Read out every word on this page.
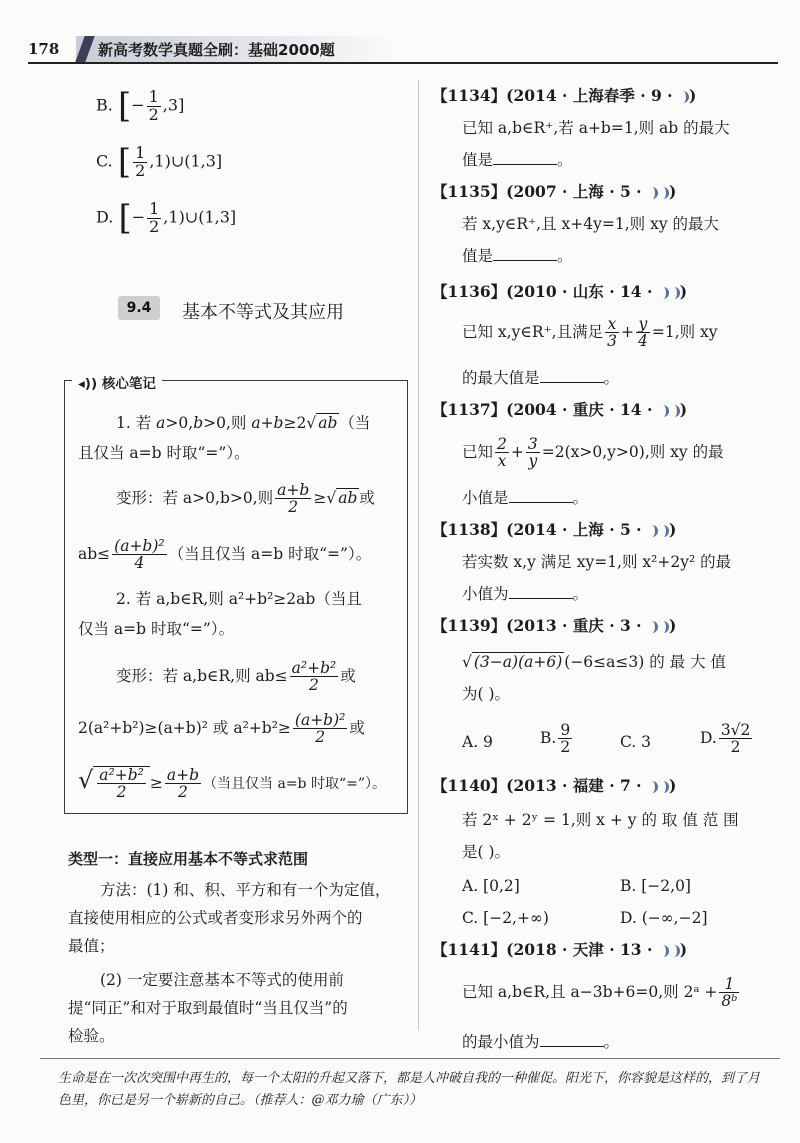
178	新高考数学真题全刷：基础2000题
B. [− $\frac{1}{2} ,3$]
C. [ $\frac{1}{2}$ ,1)∪(1,3]
D. [− $\frac{1}{2}$ ,1)∪(1,3]
9.4	基本不等式及其应用
◂)) 核心笔记
1. 若 a>0,b>0,则 a+b≥2√ ab （当
且仅当 a=b 时取“=”）。
变形：若 a>0,b>0,则 $\frac{a+b}{2}$ ≥√ ab 或
$ab\le \frac{\text{(a+b)²}}{4}$ （当且仅当 a=b 时取“=”）。
2. 若 a,b∈R,则 a²+b²≥2ab（当且
仅当 a=b 时取“=”）。
变形：若 a,b∈R,则 $ab\le \frac{\text{a²+b²}}{2}$ 或
2(a²+b²)≥(a+b)² 或 $a^2+b^2\ge \frac{\text{(a+b)²}}{2}$ 或
√ $\frac{\text{a²+b²}}{2} \ge \frac{a+b}{2}$ （当且仅当 a=b 时取“=”）。
类型一：直接应用基本不等式求范围
方法：(1) 和、积、平方和有一个为定值，
直接使用相应的公式或者变形求另外两个的
最值；
(2) 一定要注意基本不等式的使用前
提“同正”和对于取到最值时“当且仅当”的
检验。
【1134】(2014 · 上海春季 · 9 · )
已知 a,b∈R⁺,若 a+b=1,则 ab 的最大
值是	。
【1135】(2007 · 上海 · 5 · )
若 x,y∈R⁺,且 x+4y=1,则 xy 的最大
值是	。
【1136】(2010 · 山东 · 14 · )
已知 x,y∈R⁺,且满足 $\frac{x}{3} + \frac{y}{4} =1$,则 xy
的最大值是	。
【1137】(2004 · 重庆 · 14 · )
已知 $\frac{2}{x} + \frac{3}{y} =2(x>0,y>0)$,则 xy 的最
小值是	。
【1138】(2014 · 上海 · 5 · )
若实数 x,y 满足 xy=1,则 x²+2y² 的最
小值为	。
【1139】(2013 · 重庆 · 3 · )
√ (3−a)(a+6) (−6≤a≤3) 的 最 大 值
为( )。
A. 9	B. $\frac{9}{2}$	C. 3	D. $\frac{3√2}{2}$
【1140】(2013 · 福建 · 7 · )
若 2ˣ + 2ʸ = 1,则 x + y 的 取 值 范 围
是( )。
A. [0,2]	B. [−2,0]
C. [−2,+∞)	D. (−∞,−2]
【1141】(2018 · 天津 · 13 · )
已知 a,b∈R,且 a−3b+6=0,则 2ᵃ + $\frac{1}{\text{8ᵇ}}$
的最小值为	。
生命是在一次次突围中再生的，每一个太阳的升起又落下，都是人冲破自我的一种催促。阳光下，你容貌是这样的，到了月
色里，你已是另一个崭新的自己。（推荐人：@邓力瑜（广东））
